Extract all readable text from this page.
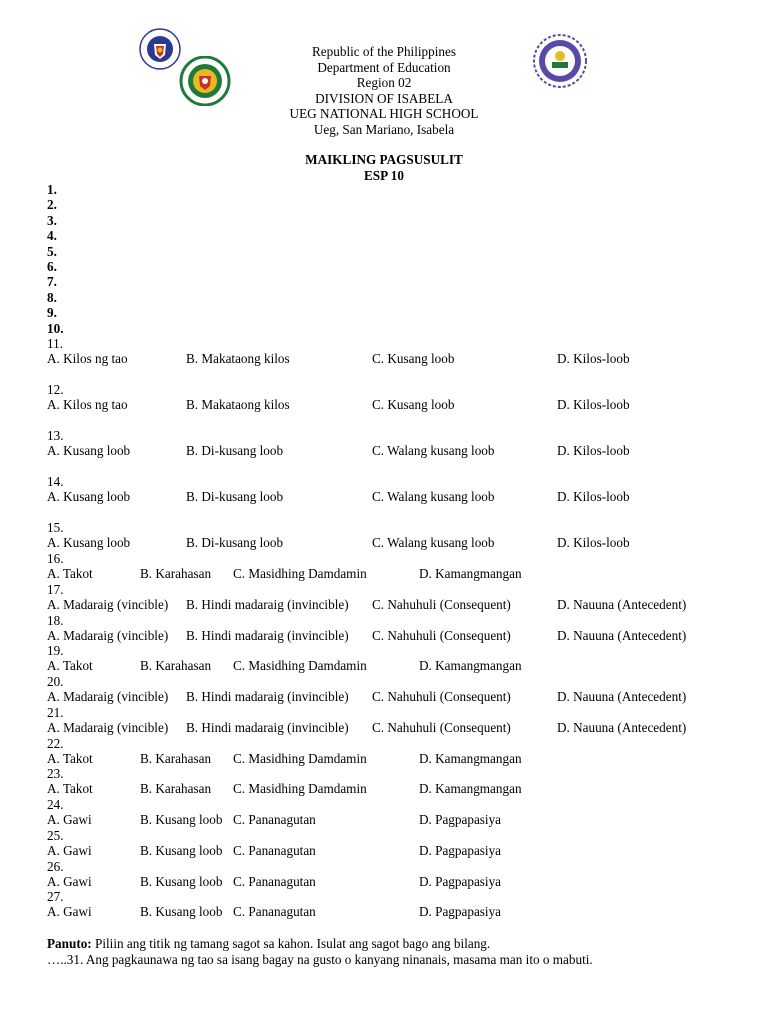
Republic of the Philippines
Department of Education
Region 02
DIVISION OF ISABELA
UEG NATIONAL HIGH SCHOOL
Ueg, San Mariano, Isabela
MAIKLING PAGSUSULIT
ESP 10
1.
2.
3.
4.
5.
6.
7.
8.
9.
10.
11.
A. Kilos ng tao	B. Makataong kilos	C. Kusang loob	D. Kilos-loob
12.
A. Kilos ng tao	B. Makataong kilos	C. Kusang loob	D. Kilos-loob
13.
A. Kusang loob	B. Di-kusang loob	C. Walang kusang loob	D. Kilos-loob
14.
A. Kusang loob	B. Di-kusang loob	C. Walang kusang loob	D. Kilos-loob
15.
A. Kusang loob	B. Di-kusang loob	C. Walang kusang loob	D. Kilos-loob
16.
A. Takot	B. Karahasan C. Masidhing Damdamin	D. Kamangmangan
17.
A. Madaraig (vincible) B. Hindi madaraig (invincible) C. Nahuhuli (Consequent)	D. Nauuna (Antecedent)
18.
A. Madaraig (vincible) B. Hindi madaraig (invincible) C. Nahuhuli (Consequent)	D. Nauuna (Antecedent)
19.
A. Takot	B. Karahasan C. Masidhing Damdamin	D. Kamangmangan
20.
A. Madaraig (vincible) B. Hindi madaraig (invincible) C. Nahuhuli (Consequent)	D. Nauuna (Antecedent)
21.
A. Madaraig (vincible) B. Hindi madaraig (invincible) C. Nahuhuli (Consequent)	D. Nauuna (Antecedent)
22.
A. Takot	B. Karahasan C. Masidhing Damdamin	D. Kamangmangan
23.
A. Takot	B. Karahasan C. Masidhing Damdamin	D. Kamangmangan
24.
A. Gawi	B. Kusang loob C. Pananagutan	D. Pagpapasiya
25.
A. Gawi	B. Kusang loob C. Pananagutan	D. Pagpapasiya
26.
A. Gawi	B. Kusang loob C. Pananagutan	D. Pagpapasiya
27.
A. Gawi	B. Kusang loob C. Pananagutan	D. Pagpapasiya
Panuto: Piliin ang titik ng tamang sagot sa kahon. Isulat ang sagot bago ang bilang.
…..31. Ang pagkaunawa ng tao sa isang bagay na gusto o kanyang ninanais, masama man ito o mabuti.
